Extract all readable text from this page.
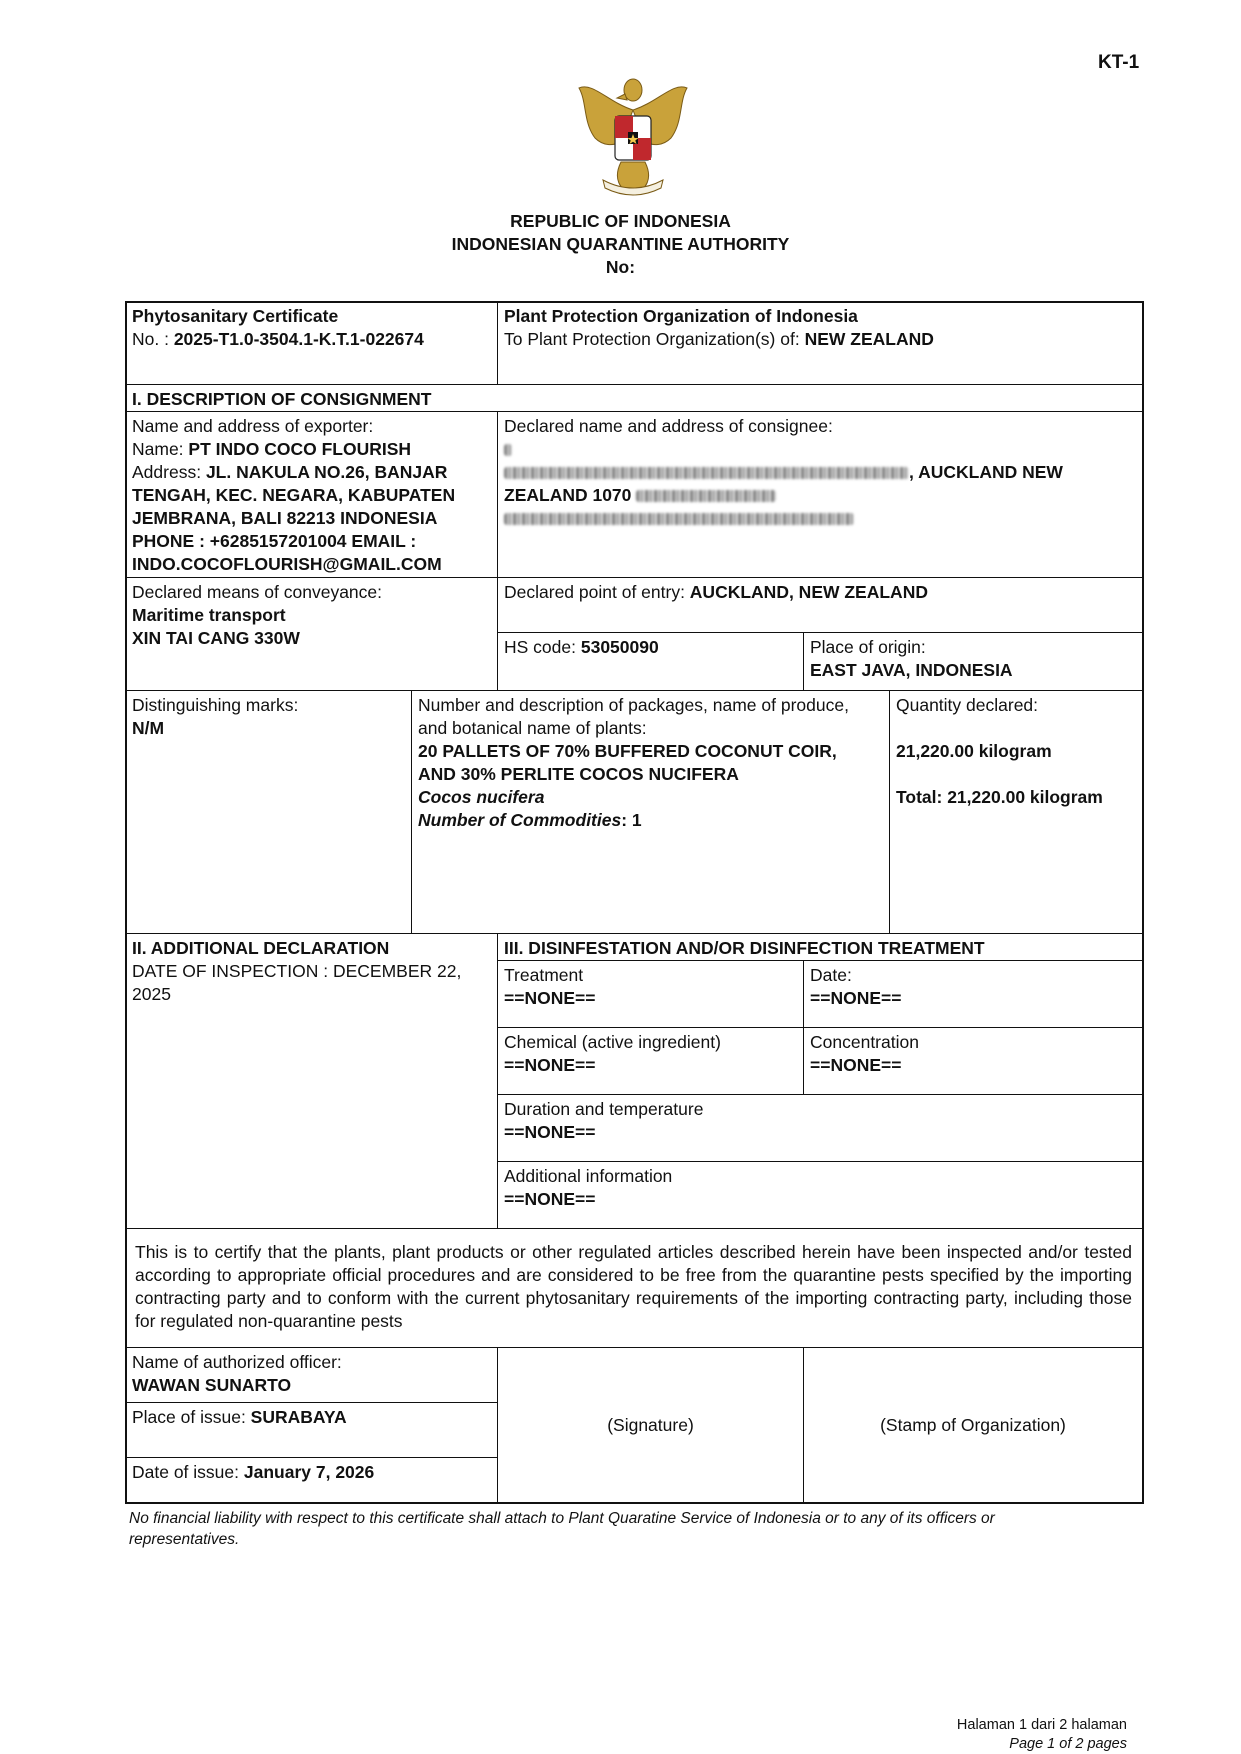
KT-1
REPUBLIC OF INDONESIA
INDONESIAN QUARANTINE AUTHORITY
No:
Phytosanitary Certificate
No. : 2025-T1.0-3504.1-K.T.1-022674
Plant Protection Organization of Indonesia
To Plant Protection Organization(s) of: NEW ZEALAND
I. DESCRIPTION OF CONSIGNMENT
Name and address of exporter:
Name: PT INDO COCO FLOURISH
Address: JL. NAKULA NO.26, BANJAR
TENGAH, KEC. NEGARA, KABUPATEN
JEMBRANA, BALI 82213 INDONESIA
PHONE : +6285157201004 EMAIL :
INDO.COCOFLOURISH@GMAIL.COM
Declared name and address of consignee:
, AUCKLAND NEW
ZEALAND 1070
Declared means of conveyance:
Maritime transport
XIN TAI CANG 330W
Declared point of entry: AUCKLAND, NEW ZEALAND
HS code: 53050090	Place of origin:
EAST JAVA, INDONESIA
Distinguishing marks:
N/M
Number and description of packages, name of produce,
and botanical name of plants:
20 PALLETS OF 70% BUFFERED COCONUT COIR,
AND 30% PERLITE COCOS NUCIFERA
Cocos nucifera
Number of Commodities: 1
Quantity declared:
21,220.00 kilogram
Total: 21,220.00 kilogram
II. ADDITIONAL DECLARATION
DATE OF INSPECTION : DECEMBER 22,
2025
III. DISINFESTATION AND/OR DISINFECTION TREATMENT
Treatment
==NONE==
Date:
==NONE==
Chemical (active ingredient)
==NONE==
Concentration
==NONE==
Duration and temperature
==NONE==
Additional information
==NONE==
This is to certify that the plants, plant products or other regulated articles described herein have been inspected and/or tested according to appropriate official procedures and are considered to be free from the quarantine pests specified by the importing contracting party and to conform with the current phytosanitary requirements of the importing contracting party, including those for regulated non-quarantine pests
Name of authorized officer:
WAWAN SUNARTO
Place of issue: SURABAYA
Date of issue: January 7, 2026
(Signature)	(Stamp of Organization)
No financial liability with respect to this certificate shall attach to Plant Quaratine Service of Indonesia or to any of its officers or representatives.
Halaman 1 dari 2 halaman
Page 1 of 2 pages
